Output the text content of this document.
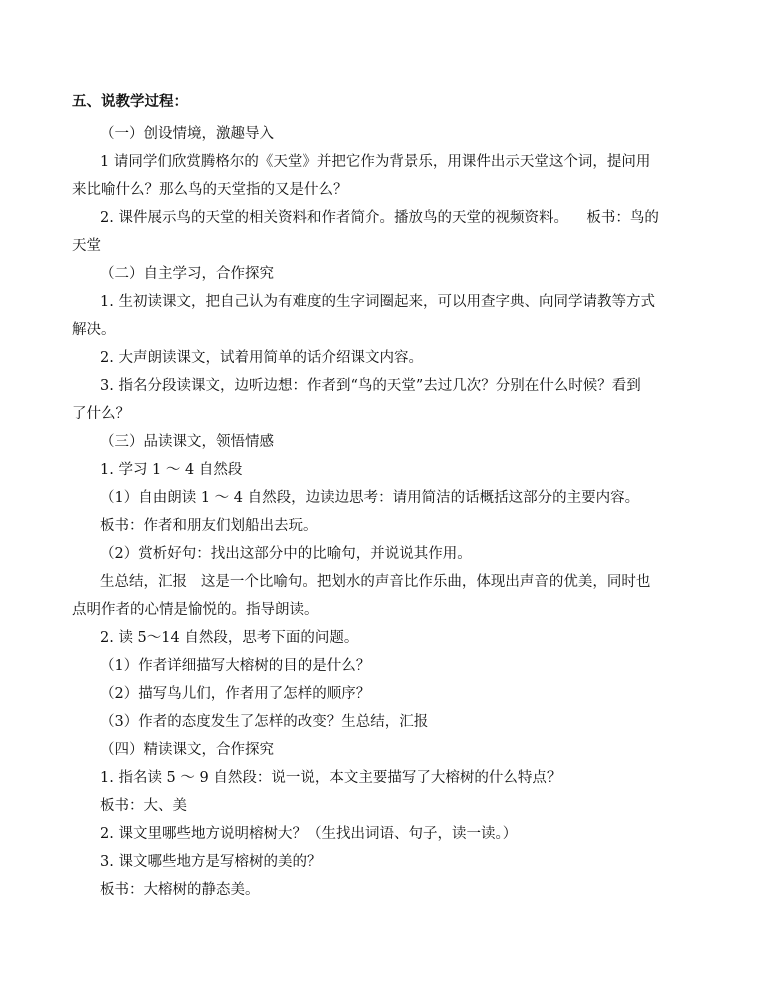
五、说教学过程：

（一）创设情境，激趣导入

1 请同学们欣赏腾格尔的《天堂》并把它作为背景乐，用课件出示天堂这个词，提问用

来比喻什么？那么鸟的天堂指的又是什么？

2. 课件展示鸟的天堂的相关资料和作者简介。播放鸟的天堂的视频资料。    板书：鸟的

天堂

（二）自主学习，合作探究

1. 生初读课文，把自己认为有难度的生字词圈起来，可以用查字典、向同学请教等方式

解决。

2. 大声朗读课文，试着用简单的话介绍课文内容。

3. 指名分段读课文，边听边想：作者到“鸟的天堂”去过几次？分别在什么时候？看到

了什么？

（三）品读课文，领悟情感

1. 学习 1 ～ 4 自然段

（1）自由朗读 1 ～ 4 自然段，边读边思考：请用简洁的话概括这部分的主要内容。

板书：作者和朋友们划船出去玩。

（2）赏析好句：找出这部分中的比喻句，并说说其作用。

生总结，汇报   这是一个比喻句。把划水的声音比作乐曲，体现出声音的优美，同时也

点明作者的心情是愉悦的。指导朗读。

2. 读 5～14 自然段，思考下面的问题。

（1）作者详细描写大榕树的目的是什么？

（2）描写鸟儿们，作者用了怎样的顺序？

（3）作者的态度发生了怎样的改变？生总结，汇报

（四）精读课文，合作探究

1. 指名读 5 ～ 9 自然段：说一说，本文主要描写了大榕树的什么特点？

板书：大、美

2. 课文里哪些地方说明榕树大？（生找出词语、句子，读一读。）

3. 课文哪些地方是写榕树的美的？

板书：大榕树的静态美。
